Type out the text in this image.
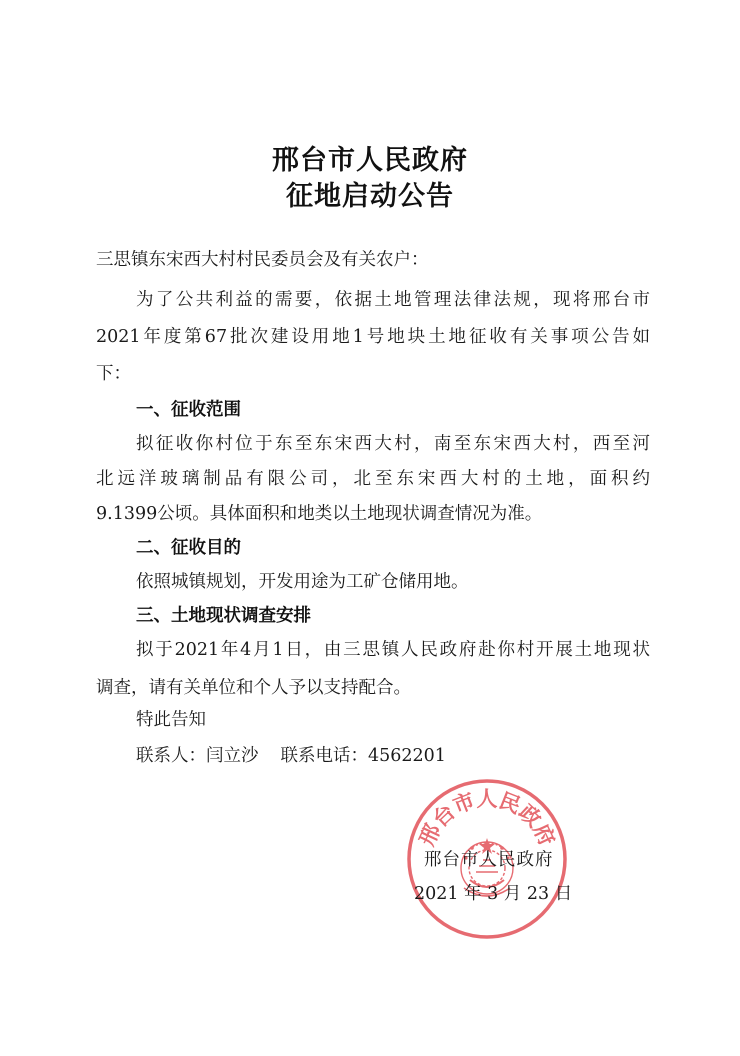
邢台市人民政府
征地启动公告
三思镇东宋西大村村民委员会及有关农户：
为了公共利益的需要，依据土地管理法律法规，现将邢台市
2021年度第67批次建设用地1号地块土地征收有关事项公告如
下：
一、征收范围
拟征收你村位于东至东宋西大村，南至东宋西大村，西至河
北远洋玻璃制品有限公司，北至东宋西大村的土地，面积约
9.1399公顷。具体面积和地类以土地现状调查情况为准。
二、征收目的
依照城镇规划，开发用途为工矿仓储用地。
三、土地现状调查安排
拟于2021年4月1日，由三思镇人民政府赴你村开展土地现状
调查，请有关单位和个人予以支持配合。
特此告知
联系人：闫立沙 联系电话：4562201
邢台市人民政府
邢台市人民政府
2021 年 3 月 23 日
